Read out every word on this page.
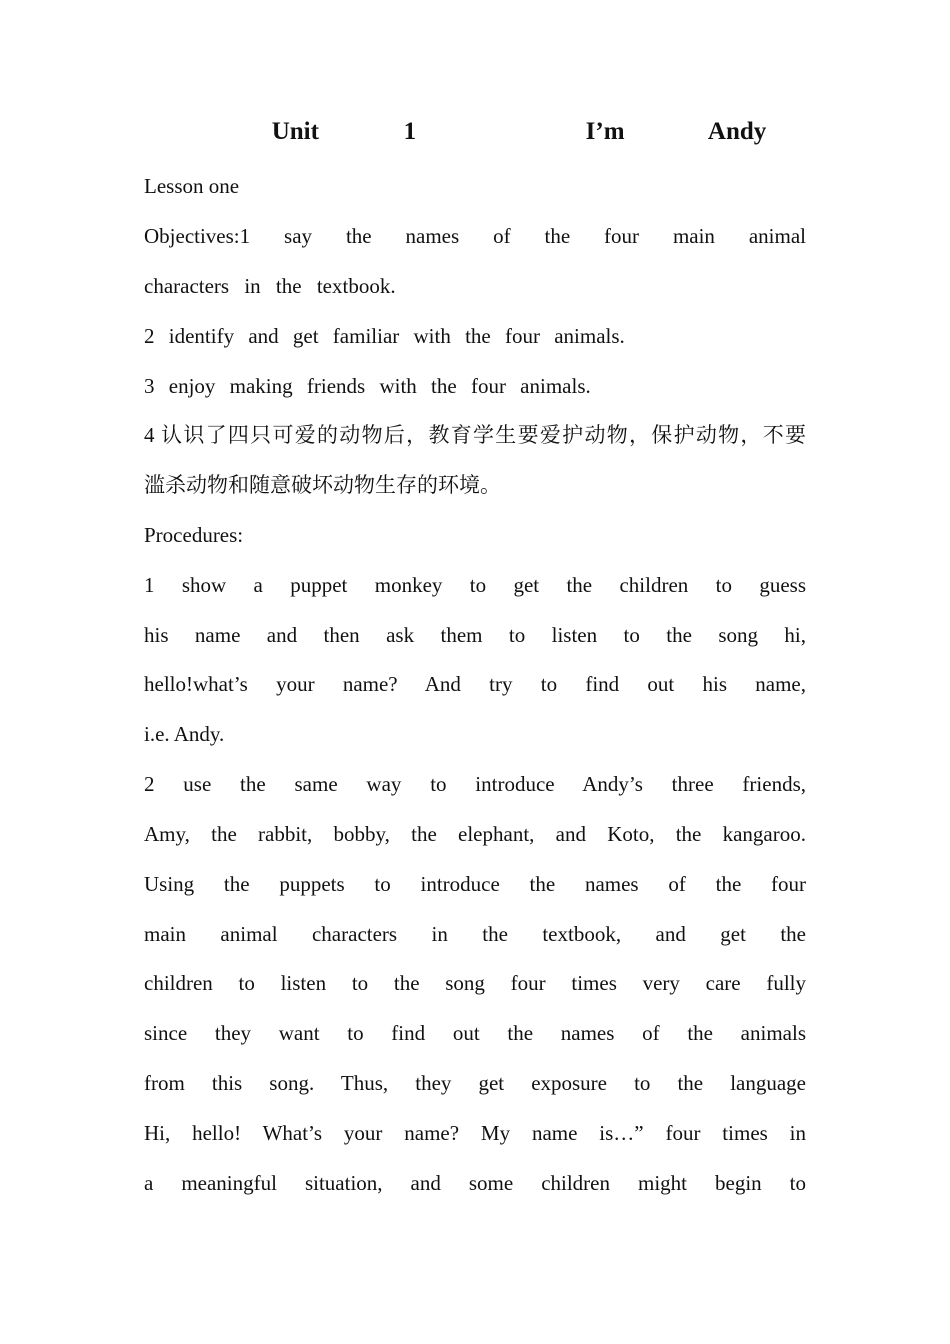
Unit   1      I’m   Andy
Lesson one
Objectives:1 say the names of the four main animal
characters in the textbook.
2 identify and get familiar with the four animals.
3 enjoy making friends with the four animals.
4 认识了四只可爱的动物后，教育学生要爱护动物，保护动物，不要
滥杀动物和随意破坏动物生存的环境。
Procedures:
1 show a puppet monkey to get the children to guess
his name and then ask them to listen to the song hi,
hello!what’s your name? And try to find out his name,
i.e. Andy.
2 use the same way to introduce Andy’s three friends,
Amy, the rabbit, bobby, the elephant, and Koto, the kangaroo.
Using the puppets to introduce the names of the four
main animal characters in the textbook, and get the
children to listen to the song four times very care fully
since they want to find out the names of the animals
from this song. Thus, they get exposure to the language
Hi, hello! What’s your name? My name is…” four times in
a meaningful situation, and some children might begin to
